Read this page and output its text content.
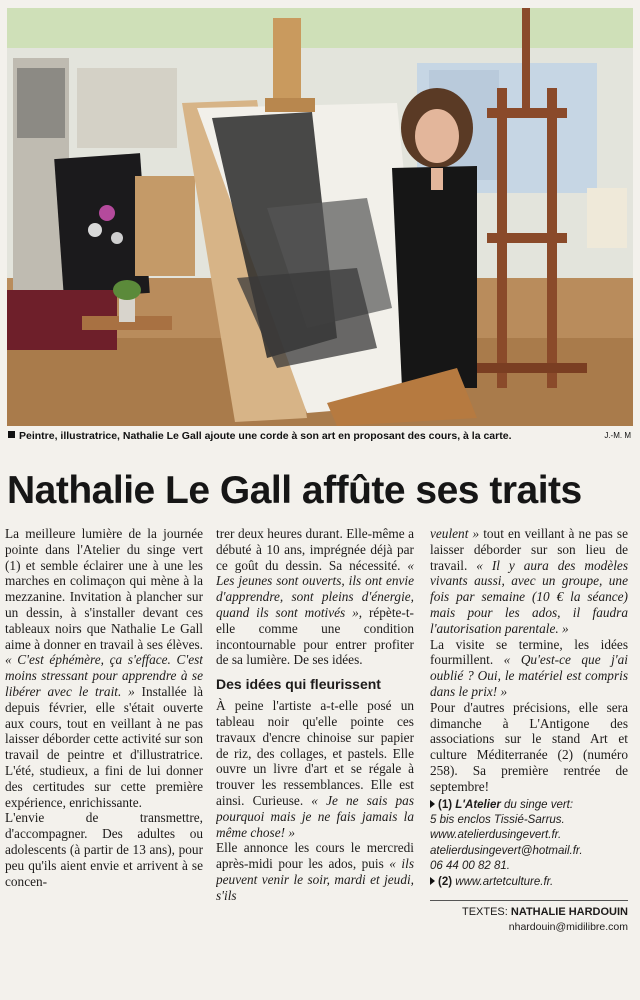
Peintre, illustratrice, Nathalie Le Gall ajoute une corde à son art en proposant des cours, à la carte.	J.-M. M
Nathalie Le Gall affûte ses traits

La meilleure lumière de la journée pointe dans l'Atelier du singe vert (1) et semble éclairer une à une les marches en colimaçon qui mène à la mezzanine. Invitation à plancher sur un dessin, à s'installer devant ces tableaux noirs que Nathalie Le Gall aime à donner en travail à ses élèves. « C'est éphémère, ça s'efface. C'est moins stressant pour apprendre à se libérer avec le trait. » Installée là depuis février, elle s'était ouverte aux cours, tout en veillant à ne pas laisser déborder cette activité sur son travail de peintre et d'illustratrice. L'été, studieux, a fini de lui donner des certitudes sur cette première expérience, enrichissante.

L'envie de transmettre, d'accompagner. Des adultes ou adolescents (à partir de 13 ans), pour peu qu'ils aient envie et arrivent à se concen-

trer deux heures durant. Elle-même a débuté à 10 ans, imprégnée déjà par ce goût du dessin. Sa nécessité. « Les jeunes sont ouverts, ils ont envie d'apprendre, sont pleins d'énergie, quand ils sont motivés », répète-t-elle comme une condition incontournable pour entrer profiter de sa lumière. De ses idées.

Des idées qui fleurissent

À peine l'artiste a-t-elle posé un tableau noir qu'elle pointe ces travaux d'encre chinoise sur papier de riz, des collages, et pastels. Elle ouvre un livre d'art et se régale à trouver les ressemblances. Elle est ainsi. Curieuse. « Je ne sais pas pourquoi mais je ne fais jamais la même chose! »

Elle annonce les cours le mercredi après-midi pour les ados, puis « ils peuvent venir le soir, mardi et jeudi, s'ils

veulent » tout en veillant à ne pas se laisser déborder sur son lieu de travail. « Il y aura des modèles vivants aussi, avec un groupe, une fois par semaine (10 € la séance) mais pour les ados, il faudra l'autorisation parentale. »

La visite se termine, les idées fourmillent. « Qu'est-ce que j'ai oublié ? Oui, le matériel est compris dans le prix! »

Pour d'autres précisions, elle sera dimanche à L'Antigone des associations sur le stand Art et culture Méditerranée (2) (numéro 258). Sa première rentrée de septembre!

(1) L'Atelier du singe vert:
5 bis enclos Tissié-Sarrus.
www.atelierdusingevert.fr.
atelierdusingevert@hotmail.fr.
06 44 00 82 81.
(2) www.artetculture.fr.
TEXTES: NATHALIE HARDOUIN
nhardouin@midilibre.com
